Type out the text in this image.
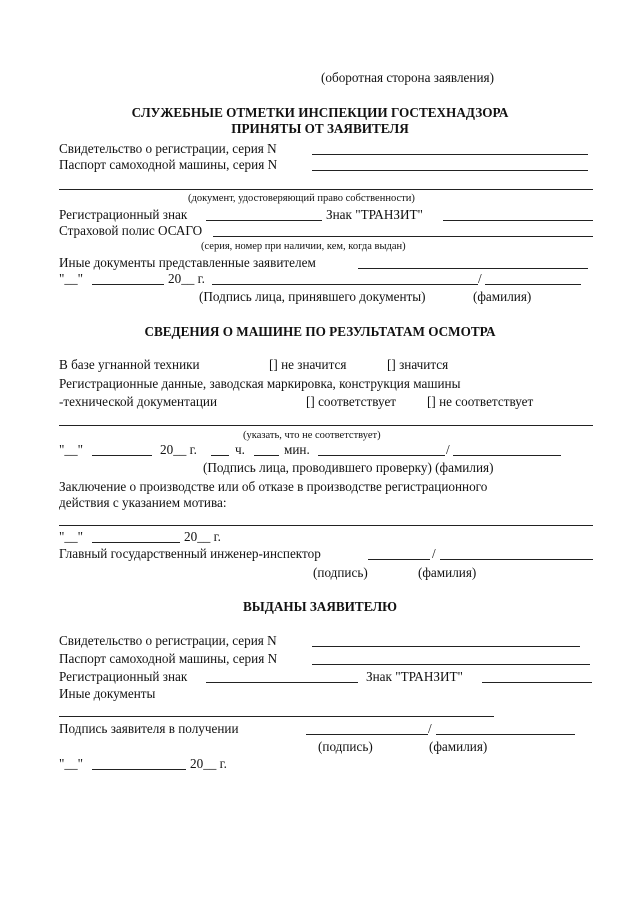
(оборотная сторона заявления)
СЛУЖЕБНЫЕ ОТМЕТКИ ИНСПЕКЦИИ ГОСТЕХНАДЗОРА
ПРИНЯТЫ ОТ ЗАЯВИТЕЛЯ
Свидетельство о регистрации, серия N
Паспорт самоходной машины, серия N
(документ, удостоверяющий право собственности)
Регистрационный знак	Знак "ТРАНЗИТ"
Страховой полис ОСАГО
(серия, номер при наличии, кем, когда выдан)
Иные документы представленные заявителем
"__"	20__ г.	/
(Подпись лица, принявшего документы)	(фамилия)
СВЕДЕНИЯ О МАШИНЕ ПО РЕЗУЛЬТАТАМ ОСМОТРА
В базе угнанной техники	[] не значится	[] значится
Регистрационные данные, заводская маркировка, конструкция машины
-технической документации	[] соответствует [] не соответствует
(указать, что не соответствует)
"__"	20__ г.	ч.	мин.	/
(Подпись лица, проводившего проверку) (фамилия)
Заключение о производстве или об отказе в производстве регистрационного
действия с указанием мотива:
"__"	20__ г.
Главный государственный инженер-инспектор	/
(подпись)	(фамилия)
ВЫДАНЫ ЗАЯВИТЕЛЮ
Свидетельство о регистрации, серия N
Паспорт самоходной машины, серия N
Регистрационный знак	Знак "ТРАНЗИТ"
Иные документы
Подпись заявителя в получении	/
(подпись)	(фамилия)
"__"	20__ г.
